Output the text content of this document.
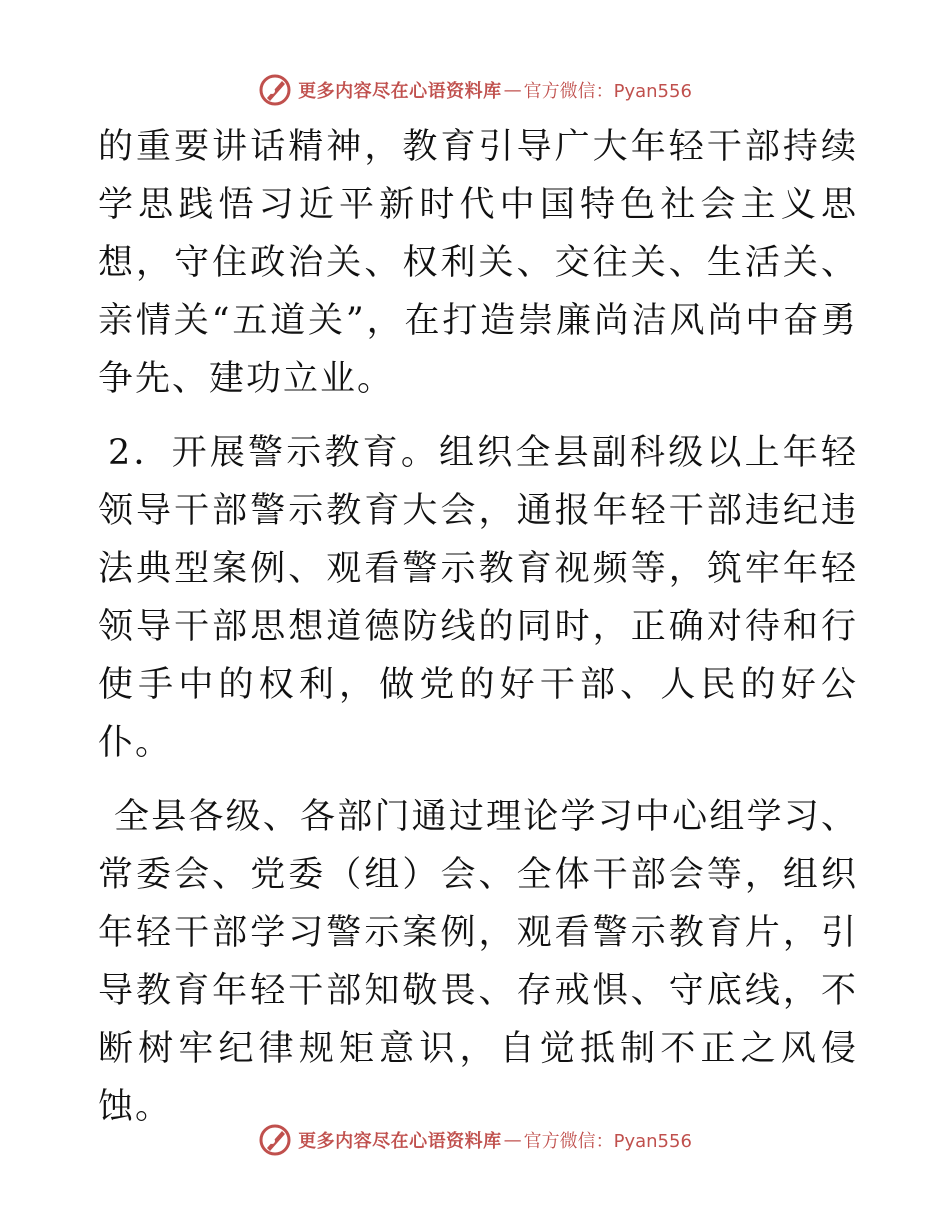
更多内容尽在心语资料库 — 官方微信：Pyan556

的重要讲话精神，教育引导广大年轻干部持续学思践悟习近平新时代中国特色社会主义思想，守住政治关、权利关、交往关、生活关、亲情关“五道关”，在打造崇廉尚洁风尚中奋勇争先、建功立业。

2．开展警示教育。组织全县副科级以上年轻领导干部警示教育大会，通报年轻干部违纪违法典型案例、观看警示教育视频等，筑牢年轻领导干部思想道德防线的同时，正确对待和行使手中的权利，做党的好干部、人民的好公仆。

全县各级、各部门通过理论学习中心组学习、常委会、党委（组）会、全体干部会等，组织年轻干部学习警示案例，观看警示教育片，引导教育年轻干部知敬畏、存戒惧、守底线，不断树牢纪律规矩意识，自觉抵制不正之风侵蚀。

更多内容尽在心语资料库 — 官方微信：Pyan556
